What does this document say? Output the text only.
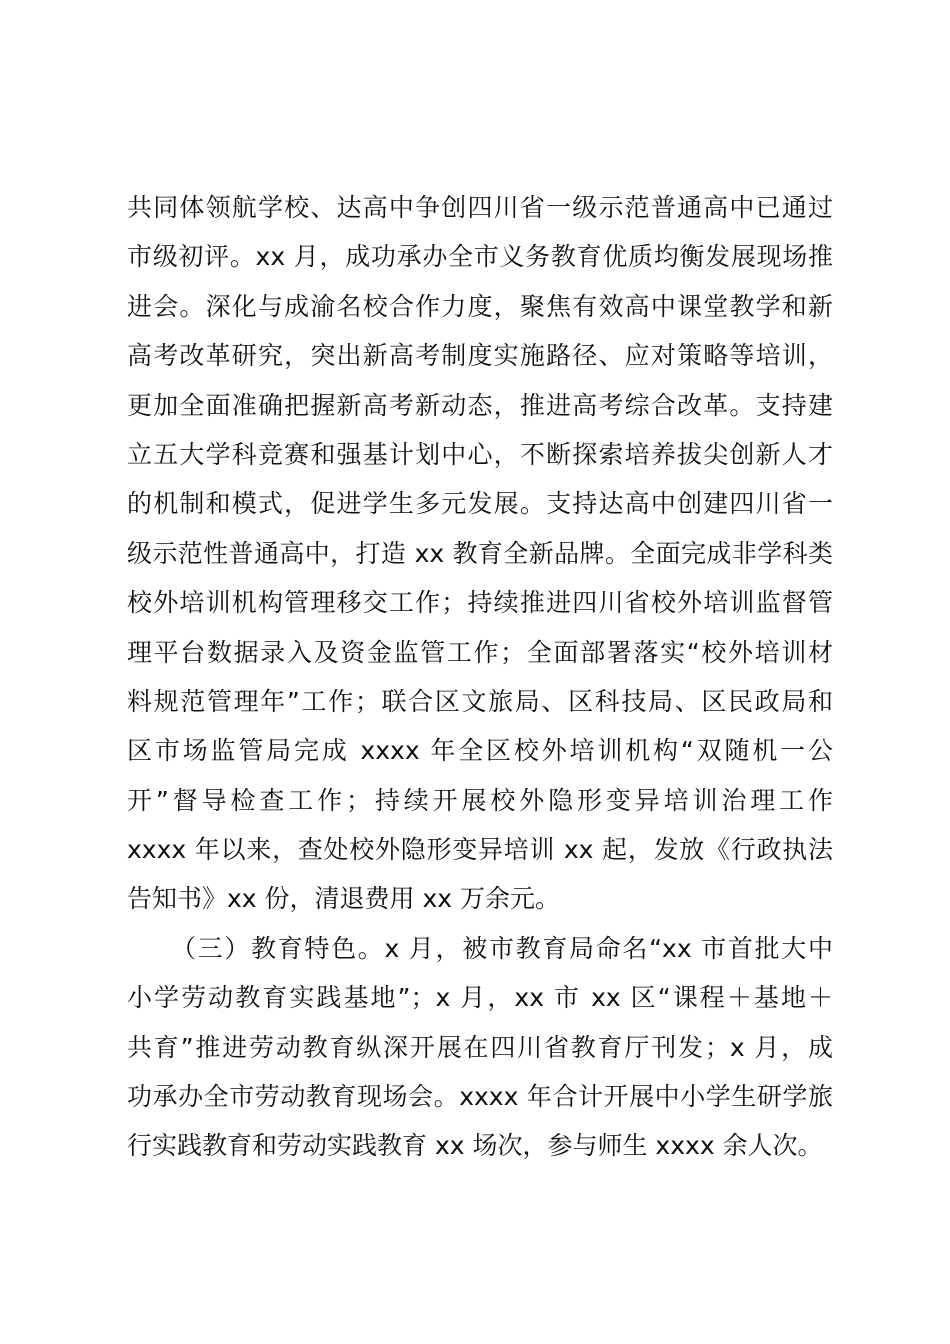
共同体领航学校、达高中争创四川省一级示范普通高中已通过
市级初评。xx 月，成功承办全市义务教育优质均衡发展现场推
进会。深化与成渝名校合作力度，聚焦有效高中课堂教学和新
高考改革研究，突出新高考制度实施路径、应对策略等培训，
更加全面准确把握新高考新动态，推进高考综合改革。支持建
立五大学科竞赛和强基计划中心，不断探索培养拔尖创新人才
的机制和模式，促进学生多元发展。支持达高中创建四川省一
级示范性普通高中，打造 xx 教育全新品牌。全面完成非学科类
校外培训机构管理移交工作；持续推进四川省校外培训监督管
理平台数据录入及资金监管工作；全面部署落实“校外培训材
料规范管理年”工作；联合区文旅局、区科技局、区民政局和
区市场监管局完成 xxxx 年全区校外培训机构“双随机一公
开”督导检查工作；持续开展校外隐形变异培训治理工作
xxxx 年以来，查处校外隐形变异培训 xx 起，发放《行政执法
告知书》xx 份，清退费用 xx 万余元。
（三）教育特色。x 月，被市教育局命名“xx 市首批大中
小学劳动教育实践基地”；x 月，xx 市 xx 区“课程＋基地＋
共育”推进劳动教育纵深开展在四川省教育厅刊发；x 月，成
功承办全市劳动教育现场会。xxxx 年合计开展中小学生研学旅
行实践教育和劳动实践教育 xx 场次，参与师生 xxxx 余人次。
